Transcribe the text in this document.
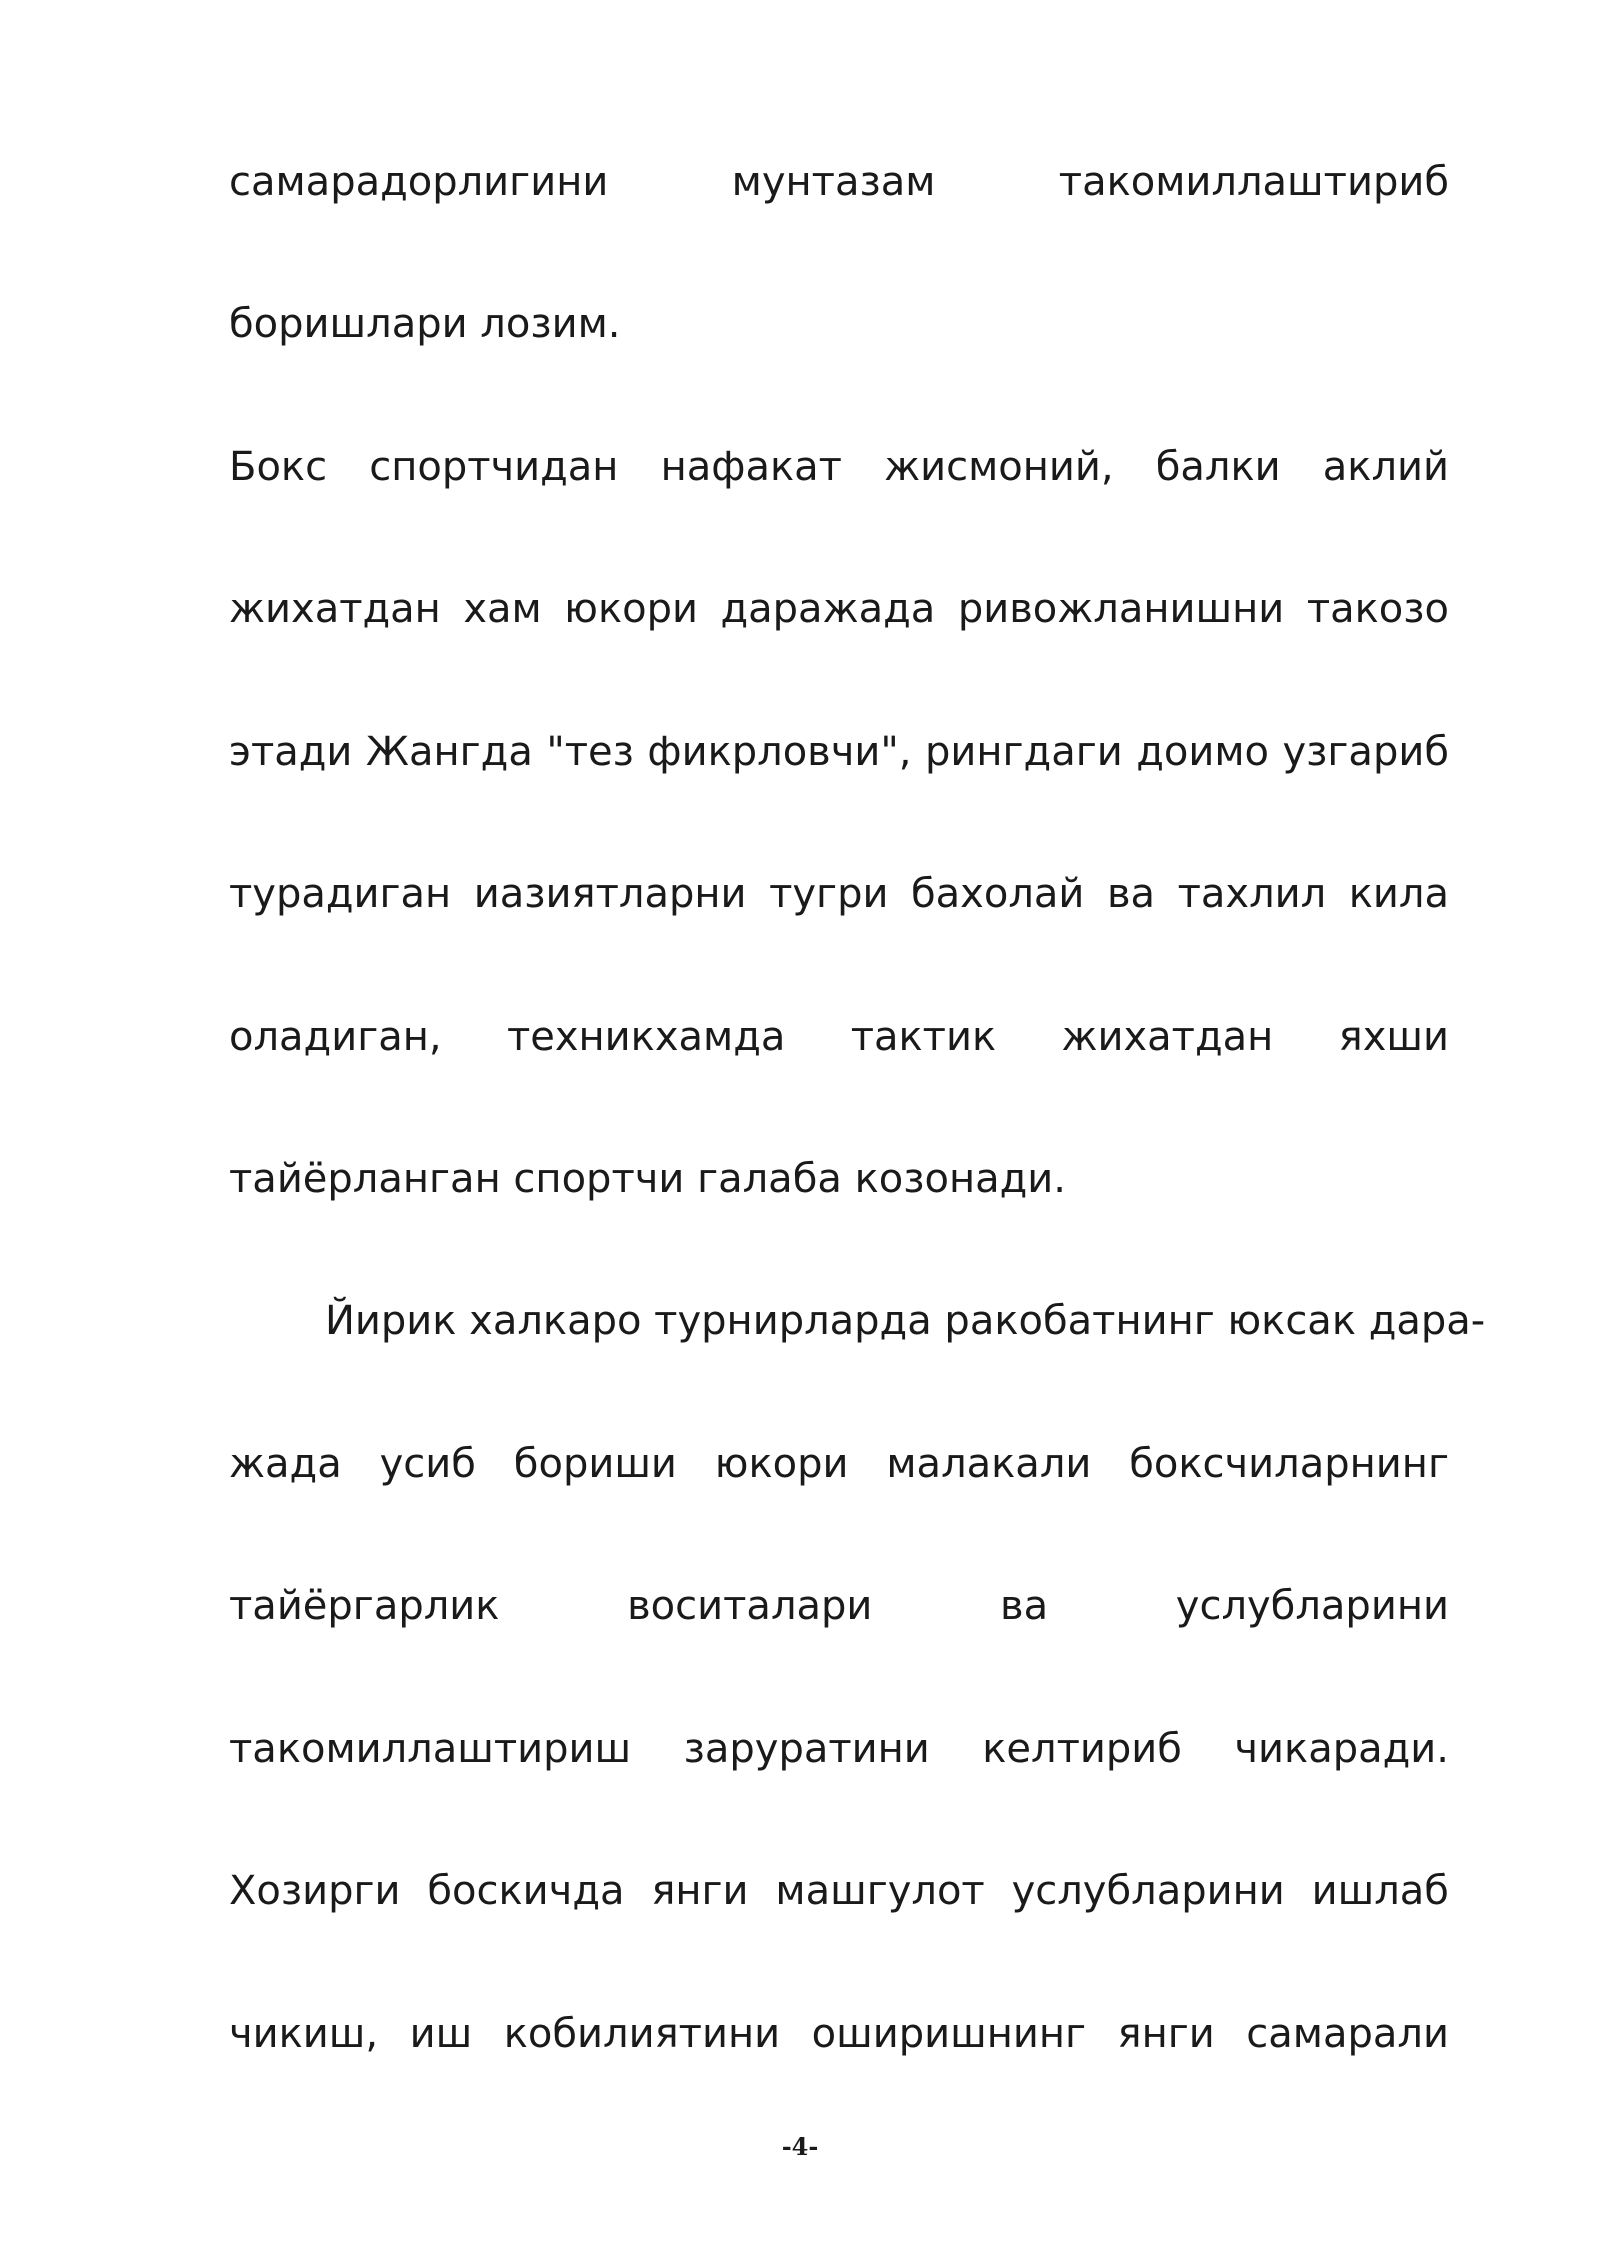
самарадорлигини	мунтазам	такомиллаштириб
боришлари лозим.
Бокс спортчидан нафакат жисмоний, балки аклий
жихатдан хам юкори даражада ривожланишни такозо
этади Жангда "тез фикрловчи", рингдаги доимо узгариб
турадиган иазиятларни тугри бахолай ва тахлил кила
оладиган, техникхамда тактик жихатдан яхши
тайёрланган спортчи галаба козонади.
Йирик халкаро турнирларда ракобатнинг юксак дара-
жада усиб бориши юкори малакали боксчиларнинг
тайёргарлик	воситалари	ва	услубларини
такомиллаштириш заруратини келтириб чикаради.
Хозирги боскичда янги машгулот услубларини ишлаб
чикиш, иш кобилиятини оширишнинг янги самарали
-4-
